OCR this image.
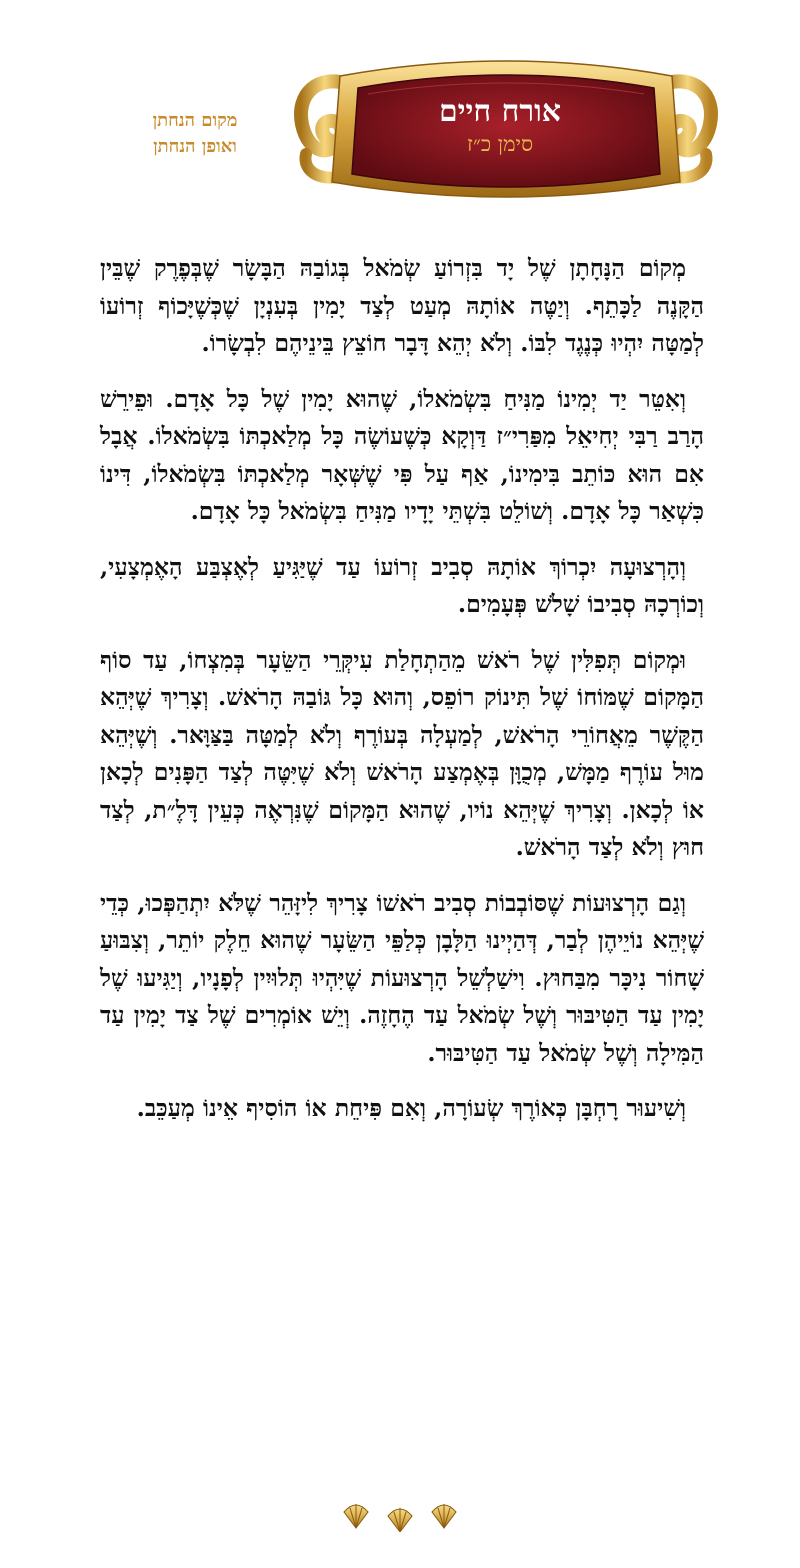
מקום הנחתן
ואופן הנחתן
אורח חיים
סימן כ״ז

מְקוֹם הַנָּחָתָן שֶׁל יָד בִּזְרוֹעַ שְׂמֹאל בְּגוֹבַהּ הַבָּשָׂר שֶׁבְּפֶרֶק שֶׁבֵּין הַקָּנֶה לַכָּתֵף. וְיַטֶּה אוֹתָהּ מְעַט לְצַד יָמִין בְּעִנְיָן שֶׁכְּשֶׁיָּכוֹף זְרוֹעוֹ לְמַטָּה יִהְיוּ כְּנֶגֶד לִבּוֹ. וְלֹא יְהֵא דָּבָר חוֹצֵץ בֵּינֵיהֶם לִבְשָׂרוֹ.

וְאִטֵּר יַד יְמִינוֹ מַנִּיחַ בִּשְׂמֹאלוֹ, שֶׁהוּא יָמִין שֶׁל כָּל אָדָם. וּפֵירֵשׁ הָרַב רַבִּי יְחִיאֵל מִפַּרִי״ז דַּוְקָא כְּשֶׁעוֹשֶׂה כָּל מְלַאכְתּוֹ בִּשְׂמֹאלוֹ. אֲבָל אִם הוּא כּוֹתֵב בִּימִינוֹ, אַף עַל פִּי שֶׁשְּׁאָר מְלַאכְתּוֹ בִּשְׂמֹאלוֹ, דִּינוֹ כִּשְׁאַר כָּל אָדָם. וְשׁוֹלֵט בִּשְׁתֵּי יָדָיו מַנִּיחַ בִּשְׂמֹאל כָּל אָדָם.

וְהָרְצוּעָה יִכְרוֹךְ אוֹתָהּ סְבִיב זְרוֹעוֹ עַד שֶׁיַּגִּיעַ לְאֶצְבַּע הָאֶמְצָעִי, וְכוֹרְכָהּ סְבִיבוֹ שָׁלֹשׁ פְּעָמִים.

וּמְקוֹם תְּפִלִּין שֶׁל רֹאשׁ מֵהַתְחָלַת עִיקְּרֵי הַשֵּׂעָר בְּמִצְחוֹ, עַד סוֹף הַמָּקוֹם שֶׁמּוֹחוֹ שֶׁל תִּינוֹק רוֹפֵס, וְהוּא כָּל גּוֹבַהּ הָרֹאשׁ. וְצָרִיךְ שֶׁיְּהֵא הַקֶּשֶׁר מֵאֲחוֹרֵי הָרֹאשׁ, לְמַעְלָה בְּעוֹרֶף וְלֹא לְמַטָּה בַּצַּוָּאר. וְשֶׁיְּהֵא מוּל עוֹרֶף מַמָּשׁ, מְכֻוָּן בְּאֶמְצַע הָרֹאשׁ וְלֹא שֶׁיִּטֶּה לְצַד הַפָּנִים לְכָאן אוֹ לְכָאן. וְצָרִיךְ שֶׁיְּהֵא נוֹיו, שֶׁהוּא הַמָּקוֹם שֶׁנִּרְאֶה כְּעֵין דָּלֶ״ת, לְצַד חוּץ וְלֹא לְצַד הָרֹאשׁ.

וְגַם הָרְצוּעוֹת שֶׁסּוֹבְבוֹת סְבִיב רֹאשׁוֹ צָרִיךְ לִיזָּהֵר שֶׁלֹּא יִתְהַפְּכוּ, כְּדֵי שֶׁיְּהֵא נוֹיֵיהֶן לְבַר, דְּהַיְינוּ הַלָּבָן כְּלַפֵּי הַשֵּׂעָר שֶׁהוּא חֵלֶק יוֹתֵר, וְצִבּוּעַ שָׁחוֹר נִיכָּר מִבַּחוּץ. וִישַׁלְשֵׁל הָרְצוּעוֹת שֶׁיִּהְיוּ תְּלוּיִין לְפָנָיו, וְיַגִּיעוּ שֶׁל יָמִין עַד הַטִּיבּוּר וְשֶׁל שְׂמֹאל עַד הֶחָזֶה. וְיֵשׁ אוֹמְרִים שֶׁל צַד יָמִין עַד הַמִּילָה וְשֶׁל שְׂמֹאל עַד הַטִּיבּוּר.

וְשִׁיעוּר רָחְבָּן כְּאוֹרֶךְ שְׂעוֹרָה, וְאִם פִּיחֵת אוֹ הוֹסִיף אֵינוֹ מְעַכֵּב.
